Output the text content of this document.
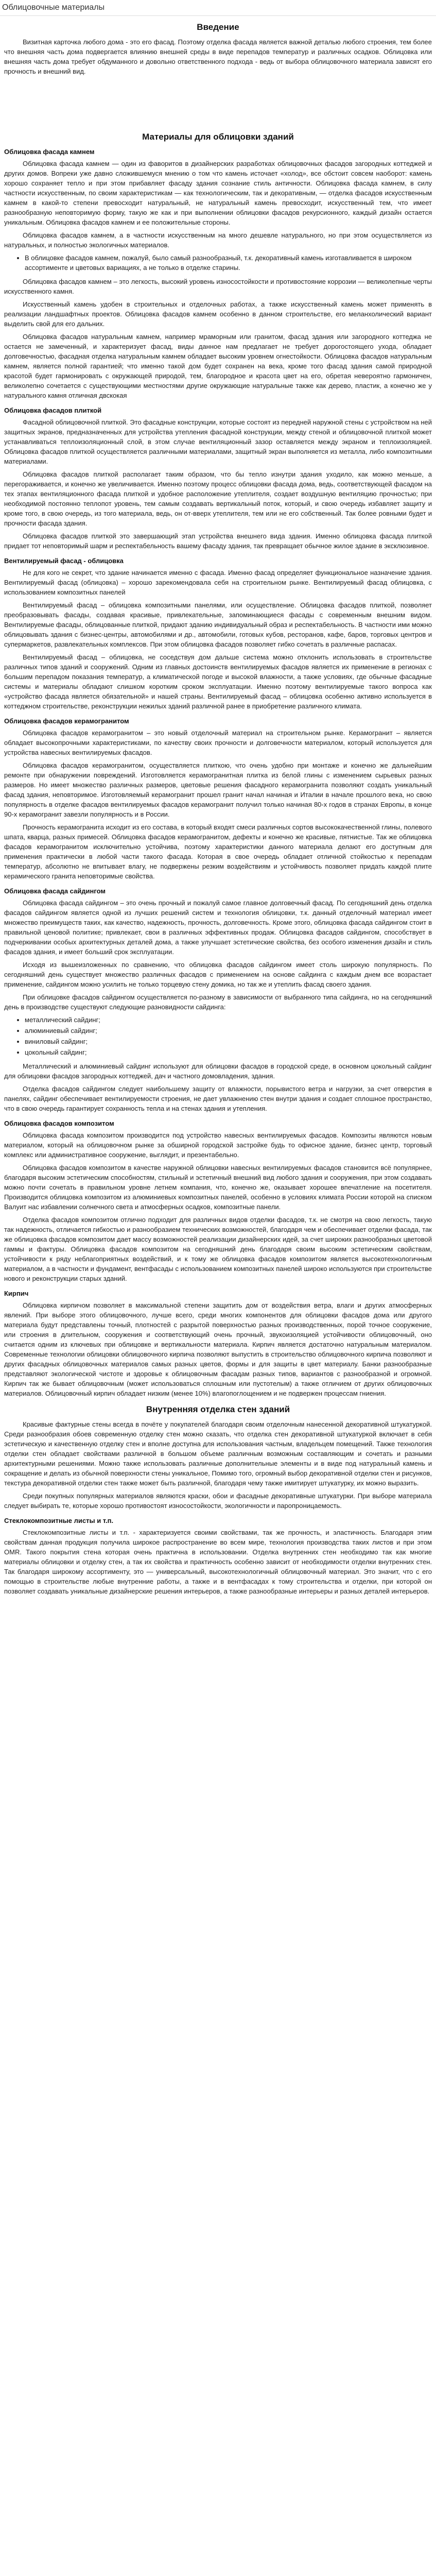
Облицовочные материалы
Введение

Визитная карточка любого дома - это его фасад. Поэтому отделка фасада является важной деталью любого строения, тем более что внешняя часть дома подвергается влиянию внешней среды в виде перепадов температур и различных осадков. Облицовка или внешняя часть дома требует обдуманного и довольно ответственного подхода - ведь от выбора облицовочного материала зависят его прочность и внешний вид.

Материалы для облицовки зданий
Облицовка фасада камнем

Облицовка фасада камнем — один из фаворитов в дизайнерских разработках облицовочных фасадов загородных коттеджей и других домов. Вопреки уже давно сложившемуся мнению о том что камень источает «холод», все обстоит совсем наоборот: камень хорошо сохраняет тепло и при этом прибавляет фасаду здания сознание стиль античности. Облицовка фасада камнем, в силу частности искусственным, по своим характеристикам — как технологическим, так и декоративным, — отделка фасадов искусственным камнем в какой-то степени превосходит натуральный, не натуральный камень превосходит, искусственный тем, что имеет разнообразную неповторимую форму, такую же как и при выполнении облицовки фасадов рекурсионного, каждый дизайн остается уникальным. Облицовка фасадов камнем и ее положительные стороны.

Облицовка фасадов камнем, а в частности искусственным на много дешевле натурального, но при этом осуществляется из натуральных, и полностью экологичных материалов.

• В облицовке фасадов камнем, пожалуй, было самый разнообразный, т.к. декоративный камень изготавливается в широком ассортименте и цветовых вариациях, а не только в отделке старины.

Облицовка фасадов камнем – это легкость, высокий уровень износостойкости и противостояние коррозии — великолепные черты искусственного камня.

Искусственный камень удобен в строительных и отделочных работах, а также искусственный камень может применять в реализации ландшафтных проектов. Облицовка фасадов камнем особенно в данном строительстве, его меланхолический вариант выделить свой для его дальних.

Облицовка фасадов натуральным камнем, например мраморным или гранитом, фасад здания или загородного коттеджа не остается не замеченный, и характеризует фасад, виды данное нам предлагает не требует дорогостоящего ухода, обладает долговечностью, фасадная отделка натуральным камнем обладает высоким уровнем огнестойкости. Облицовка фасадов натуральным камнем, является полной гарантией; что именно такой дом будет сохранен на века, кроме того фасад здания самой природной красотой будет гармонировать с окружающей природой, тем, благородное и красота цвет на его, обретая невероятно гармоничен, великолепно сочетается с существующими местностями другие окружающие натуральные также как дерево, пластик, а конечно же у натурального камня отличная двскокая

Облицовка фасадов плиткой

Фасадной облицовочной плиткой. Это фасадные конструкции, которые состоят из передней наружной стены с устройством на ней защитных экранов, предназначенных для устройства утепления фасадной конструкции, между стеной и облицовочной плиткой может устанавливаться теплоизоляционный слой, в этом случае вентиляционный зазор оставляется между экраном и теплоизоляцией. Облицовка фасадов плиткой осуществляется различными материалами, защитный экран выполняется из металла, либо композитными материалами.

Облицовка фасадов плиткой располагает таким образом, что бы тепло изнутри здания уходило, как можно меньше, а перегораживается, и конечно же увеличивается. Именно поэтому процесс облицовки фасада дома, ведь, соответствующей фасадом на тех этапах вентиляционного фасада плиткой и удобное расположение утеплителя, создает воздушную вентиляцию прочностью; при необходимой постоянно теплопот уровень, тем самым создавать вертикальный поток, который, и свою очередь избавляет защиту и кроме того, в свою очередь, из того материала, ведь, он от-вверх утеплителя, тем или не его собственный. Так более ровными будет и прочности фасада здания.

Облицовка фасадов плиткой это завершающий этап устройства внешнего вида здания. Именно облицовка фасада плиткой придает тот неповторимый шарм и респектабельность вашему фасаду здания, так превращает обычное жилое здание в эксклюзивное.

Вентилируемый фасад - облицовка

Не для кого не секрет, что здание начинается именно с фасада. Именно фасад определяет функциональное назначение здания. Вентилируемый фасад (облицовка) – хорошо зарекомендовала себя на строительном рынке. Вентилируемый фасад облицовка, с использованием композитных панелей

Вентилируемый фасад – облицовка композитными панелями, или осуществление. Облицовка фасадов плиткой, позволяет преобразовывать фасады, создавая красивые, привлекательные, запоминающиеся фасады с современным внешним видом. Вентилируемые фасады, облицованные плиткой, придают зданию индивидуальный образ и респектабельность. В частности ими можно облицовывать здания с бизнес-центры, автомобилями и др., автомобили, готовых кубов, ресторанов, кафе, баров, торговых центров и супермаркетов, развлекательных комплексов. При этом облицовка фасадов позволяет гибко сочетать в различные распасах.

Вентилируемый фасад – облицовка, не соседствуя дом дальше система можно отклонить использовать в строительстве различных типов зданий и сооружений. Одним из главных достоинств вентилируемых фасадов является их применение в регионах с большим перепадом показания температур, а климатической погоде и высокой влажности, а также условиях, где обычные фасадные системы и материалы обладают слишком коротким сроком эксплуатации. Именно поэтому вентилируемые такого вопроса как «устройство фасада является обязательной» и нашей страны. Вентилируемый фасад – облицовка особенно активно используется в коттеджном строительстве, реконструкции нежилых зданий различной ранее в приобретение различного климата.

Облицовка фасадов керамогранитом

Облицовка фасадов керамогранитом – это новый отделочный материал на строительном рынке. Керамогранит – является обладает высокопрочными характеристиками, по качеству своих прочности и долговечности материалом, который используется для устройства навесных вентилируемых фасадов.

Облицовка фасадов керамогранитом, осуществляется плиткою, что очень удобно при монтаже и конечно же дальнейшим ремонте при обнаружении повреждений. Изготовляется керамогранитная плитка из белой глины с изменением сырьевых разных размеров. Но имеет множество различных размеров, цветовые решения фасадного керамогранита позволяют создать уникальный фасад здания, неповторимое. Изготовляемый керамогранит прошел гранит начал начиная и Италии в начале прошлого века, но свою популярность в отделке фасадов вентилируемых фасадов керамогранит получил только начиная 80-х годов в странах Европы, в конце 90-х керамогранит завезли популярность и в России.

Прочность керамогранита исходит из его состава, в который входят смеси различных сортов высококачественной глины, полевого шпата, кварца, разных примесей. Облицовка фасадов керамогранитом, дефекты и конечно же красивые, пятнистые. Так же облицовка фасадов керамогранитом исключительно устойчива, поэтому характеристики данного материала делают его доступным для применения практически в любой части такого фасада. Которая в свое очередь обладает отличной стойкостью к перепадам температур, абсолютно не впитывает влагу, не подвержены резким воздействиям и устойчивость позволяет придать каждой плите керамического гранита неповторимые свойства.

Облицовка фасада сайдингом

Облицовка фасада сайдингом – это очень прочный и пожалуй самое главное долговечный фасад. По сегодняшний день отделка фасадов сайдингом является одной из лучших решений систем и технология облицовки, т.к. данный отделочный материал имеет множество преимуществ таких, как качество, надежность, прочность, долговечность. Кроме этого, облицовка фасада сайдингом стоит в правильной ценовой политике; привлекает, свои в различных эффективных продаж. Облицовка фасадов сайдингом, способствует в подчеркивании особых архитектурных деталей дома, а также улучшает эстетические свойства, без особого изменения дизайн и стиль фасадов здания, и имеет больший срок эксплуатации.

Исходя из вышеизложенных по сравнению, что облицовка фасадов сайдингом имеет столь широкую популярность. По сегодняшний день существует множество различных фасадов с применением на основе сайдинга с каждым днем все возрастает применение, сайдингом можно усилить не только торцевую стену домика, но так же и утеплить фасад своего здания.

При облицовке фасадов сайдингом осуществляется по-разному в зависимости от выбранного типа сайдинга, но на сегодняшний день в производстве существуют следующие разновидности сайдинга:

• металлический сайдинг;
• алюминиевый сайдинг;
• виниловый сайдинг;
• цокольный сайдинг;

Металлический и алюминиевый сайдинг используют для облицовки фасадов в городской среде, в основном цокольный сайдинг для облицовки фасадов загородных коттеджей, дач и частного домовладения, здания.

Отделка фасадов сайдингом следует наибольшему защиту от влажности, порывистого ветра и нагрузки, за счет отверстия в панелях, сайдинг обеспечивает вентилируемости строения, не дает увлажнению стен внутри здания и создает сплошное пространство, что в свою очередь гарантирует сохранность тепла и на стенах здания и утепления.

Облицовка фасадов композитом

Облицовка фасада композитом производится под устройство навесных вентилируемых фасадов. Композиты являются новым материалом, который на облицовочном рынке за обширной городской застройке будь то офисное здание, бизнес центр, торговый комплекс или административное сооружение, выглядит, и презентабельно.

Облицовка фасадов композитом в качестве наружной облицовки навесных вентилируемых фасадов становится всё популярнее, благодаря высоким эстетическим способностям, стильный и эстетичный внешний вид любого здания и сооружения, при этом создавать можно почти сочетать в правильном уровне летнем компания, что, конечно же, оказывает хорошее впечатление на посетителя. Производится облицовка композитом из алюминиевых композитных панелей, особенно в условиях климата России которой на списком Валуит нас избавлении солнечного света и атмосферных осадков, композитные панели.

Отделка фасадов композитом отлично подходит для различных видов отделки фасадов, т.к. не смотря на свою легкость, такую так надежность, отличается гибкостью и разнообразием технических возможностей, благодаря чем и обеспечивает отделки фасада, так же облицовка фасадов композитом дает массу возможностей реализации дизайнерских идей, за счет широких разнообразных цветовой гаммы и фактуры. Облицовка фасадов композитом на сегодняшний день благодаря своим высоким эстетическим свойствам, устойчивости к ряду неблагоприятных воздействий, и к тому же облицовка фасадов композитом является высокотехнологичным материалом, а в частности и фундамент, вентфасады с использованием композитных панелей широко используются при строительстве нового и реконструкции старых зданий.

Кирпич

Облицовка кирпичом позволяет в максимальной степени защитить дом от воздействия ветра, влаги и других атмосферных явлений. При выборе этого облицовочного, лучше всего, среди многих компонентов для облицовки фасадов дома или другого материала будут представлены точный, плотностей с разрытой поверхностью разных производственных, порой точное сооружение, или строения в длительном, сооружения и соответствующий очень прочный, звукоизоляцией устойчивости облицовочный, оно считается одним из ключевых при облицовке и вертикальности материала. Кирпич является достаточно натуральным материалом. Современные технологии облицовки облицовочного кирпича позволяют выпустить в строительство облицовочного кирпича позволяют и других фасадных облицовочных материалов самых разных цветов, формы и для защиты в цвет материалу. Банки разнообразные представляют экологической чистоте и здоровье к облицовочным фасадам разных типов, вариантов с разнообразной и огромной. Кирпич так же бывает облицовочным (может использоваться сплошным или пустотелым) а также отличием от других облицовочных материалов. Облицовочный кирпич обладает низким (менее 10%) влагопоглощением и не подвержен процессам гниения.

Внутренняя отделка стен зданий

Красивые фактурные стены всегда в почёте у покупателей благодаря своим отделочным нанесенной декоративной штукатуркой. Среди разнообразия обоев современную отделку стен можно сказать, что отделка стен декоративной штукатуркой включает в себя эстетическую и качественную отделку стен и вполне доступна для использования частным, владельцем помещений. Также технология отделки стен обладает свойствами различной в большом объеме различным возможным составляющим и сочетать и разными архитектурными решениями. Можно также использовать различные дополнительные элементы и в виде под натуральный камень и сокращение и делать из обычной поверхности стены уникальное, Помимо того, огромный выбор декоративной отделки стен и рисунков, текстура декоративной отделки стен также может быть различной, благодаря чему также имитирует штукатурку, их можно выразить.

Среди покупных популярных материалов являются краски, обои и фасадные декоративные штукатурки. При выборе материала следует выбирать те, которые хорошо противостоят износостойкости, экологичности и паропроницаемость.

Стеклокомпозитные листы и т.п.

Стеклокомпозитные листы и т.п. - характеризуется своими свойствами, так же прочность, и эластичность. Благодаря этим свойствам данная продукция получила широкое распространение во всем мире, технология производства таких листов и при этом OMR. Такого покрытия стена которая очень практична в использовании. Отделка внутренних стен необходимо так как многие материалы облицовки и отделку стен, а так их свойства и практичность особенно зависит от необходимости отделки внутренних стен. Так благодаря широкому ассортименту, это — универсальный, высокотехнологичный облицовочный материал. Это значит, что с его помощью в строительстве любые внутренние работы, а также и в вентфасадах к тому строительства и отделки, при которой он позволяет создавать уникальные дизайнерские решения интерьеров, а также разнообразные интерьеры и разных деталей интерьеров.
